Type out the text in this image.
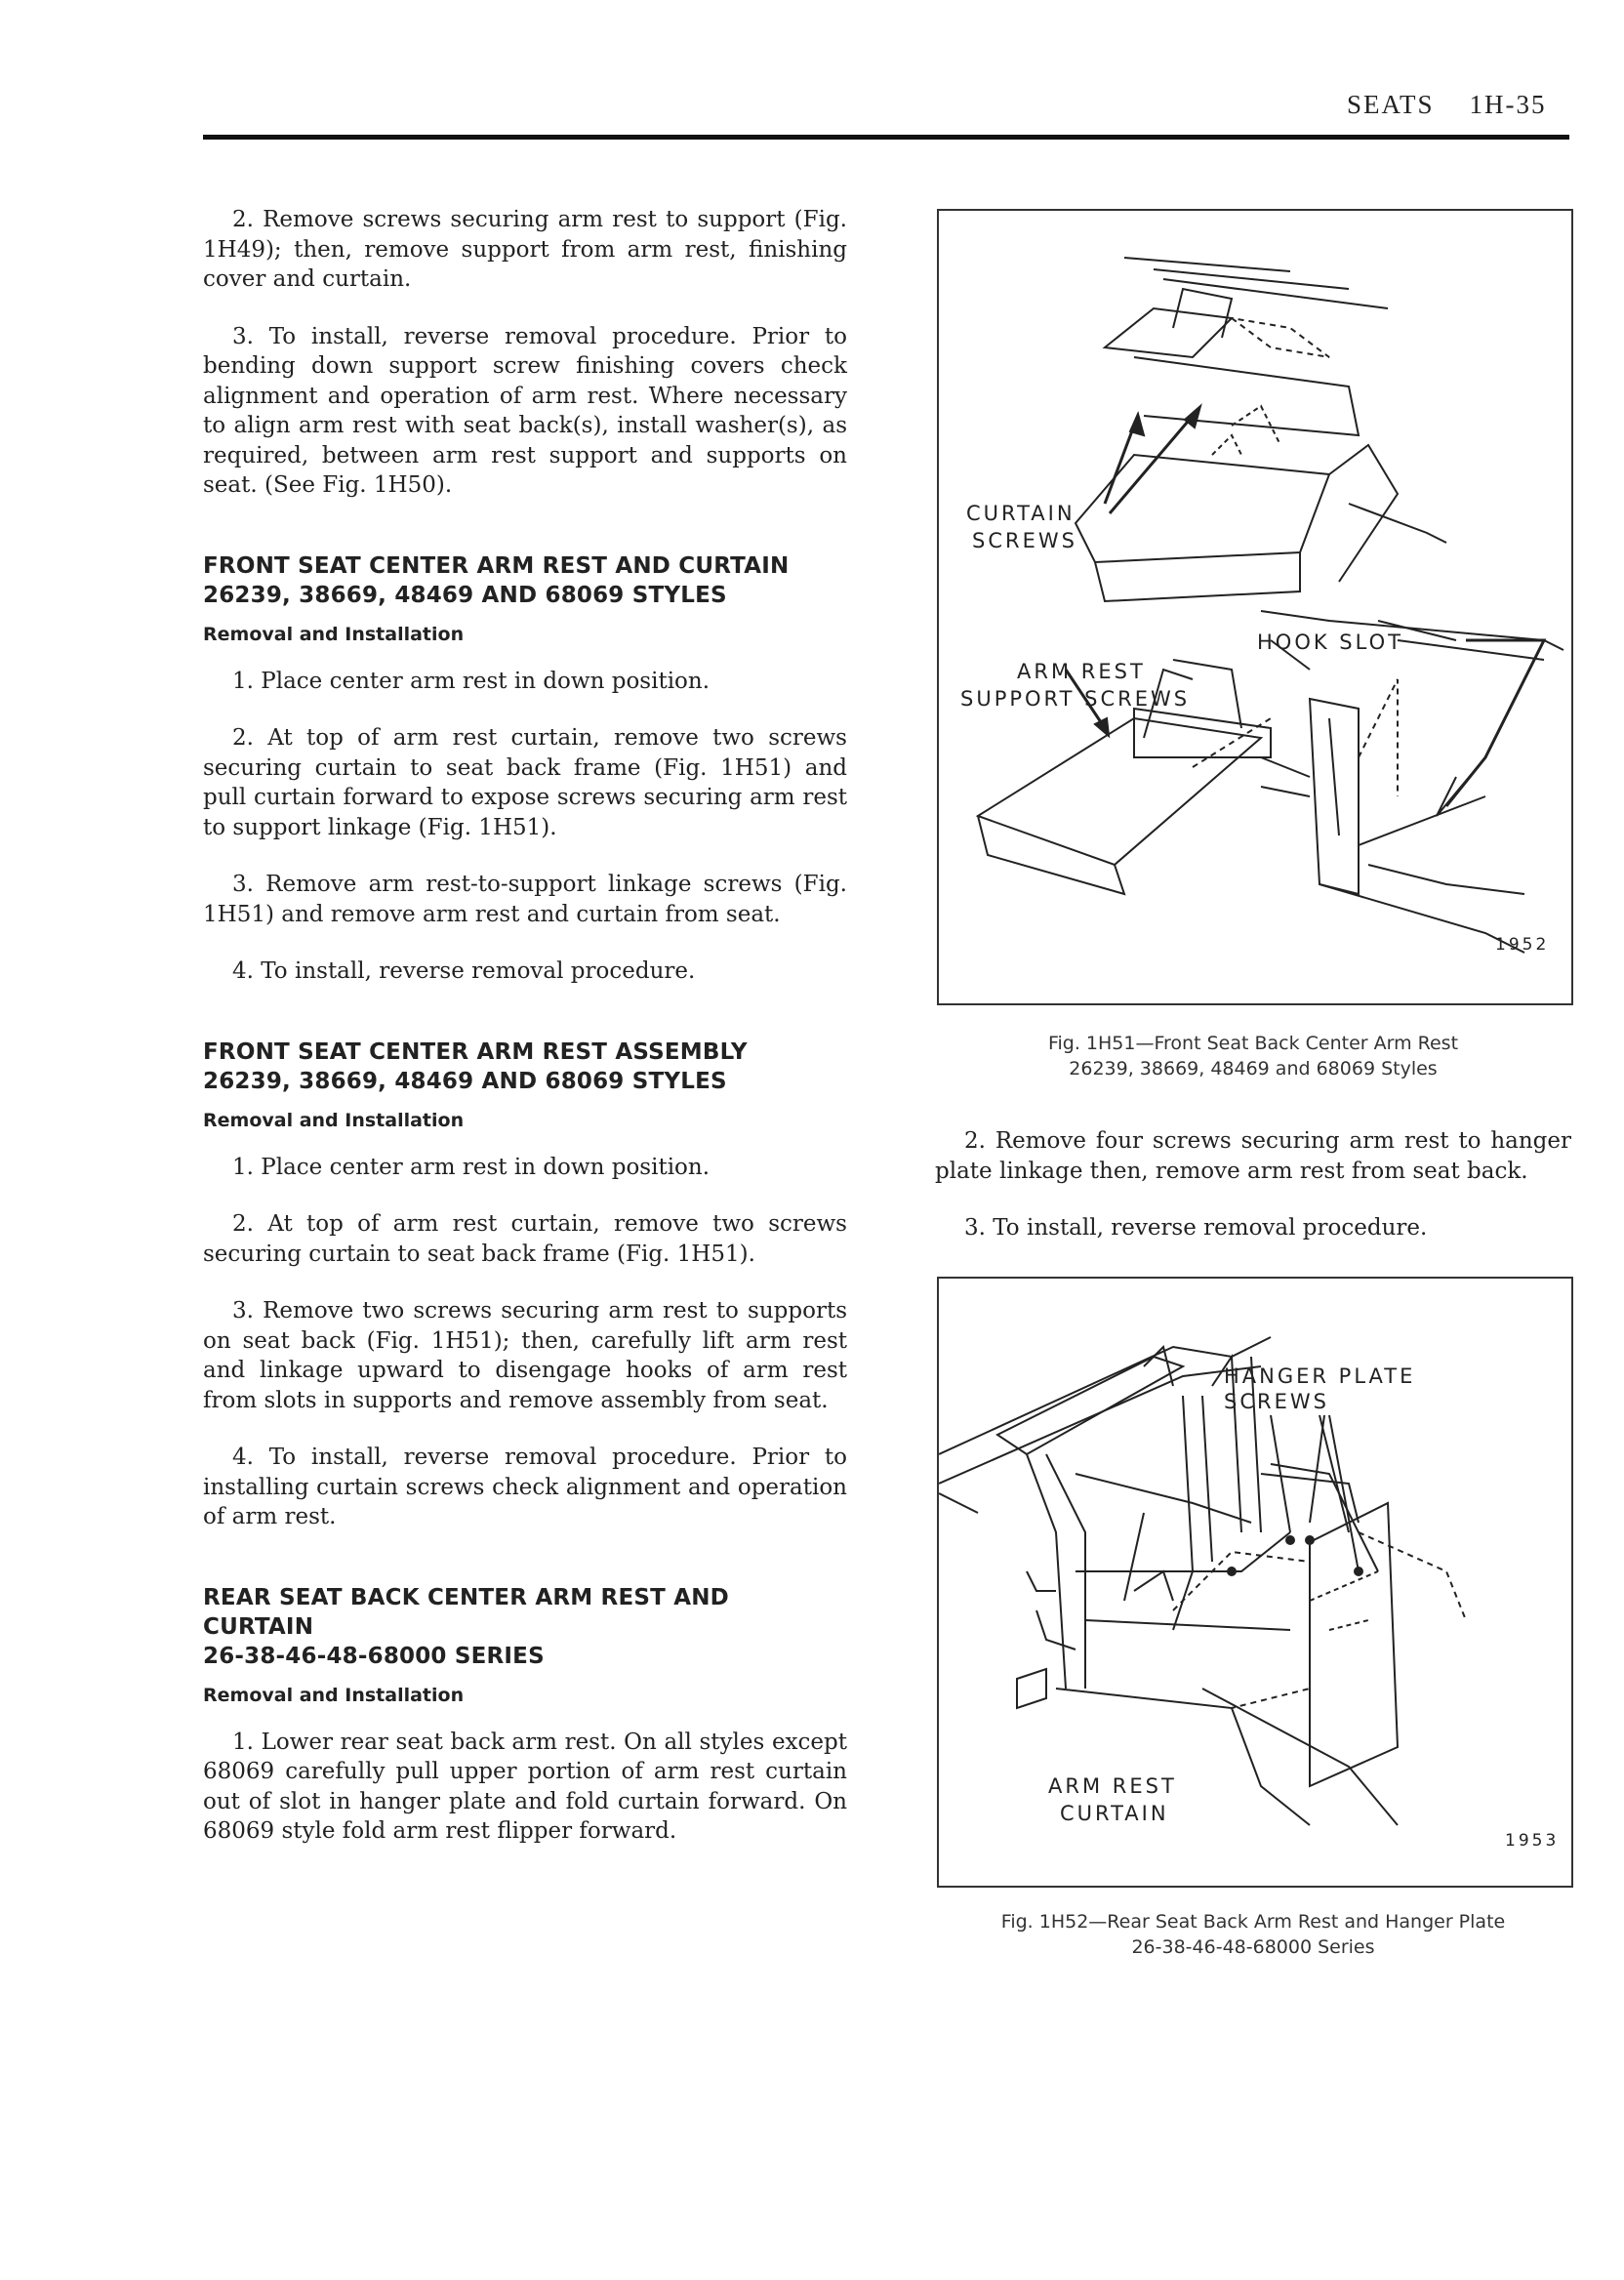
SEATS 1H-35

2. Remove screws securing arm rest to support (Fig. 1H49); then, remove support from arm rest, finishing cover and curtain.

3. To install, reverse removal procedure. Prior to bending down support screw finishing covers check alignment and operation of arm rest. Where necessary to align arm rest with seat back(s), install washer(s), as required, between arm rest support and supports on seat. (See Fig. 1H50).

FRONT SEAT CENTER ARM REST AND CURTAIN
26239, 38669, 48469 AND 68069 STYLES
Removal and Installation

1. Place center arm rest in down position.

2. At top of arm rest curtain, remove two screws securing curtain to seat back frame (Fig. 1H51) and pull curtain forward to expose screws securing arm rest to support linkage (Fig. 1H51).

3. Remove arm rest-to-support linkage screws (Fig. 1H51) and remove arm rest and curtain from seat.

4. To install, reverse removal procedure.

FRONT SEAT CENTER ARM REST ASSEMBLY
26239, 38669, 48469 AND 68069 STYLES
Removal and Installation

1. Place center arm rest in down position.

2. At top of arm rest curtain, remove two screws securing curtain to seat back frame (Fig. 1H51).

3. Remove two screws securing arm rest to supports on seat back (Fig. 1H51); then, carefully lift arm rest and linkage upward to disengage hooks of arm rest from slots in supports and remove assembly from seat.

4. To install, reverse removal procedure. Prior to installing curtain screws check alignment and operation of arm rest.

REAR SEAT BACK CENTER ARM REST AND CURTAIN
26-38-46-48-68000 SERIES
Removal and Installation

1. Lower rear seat back arm rest. On all styles except 68069 carefully pull upper portion of arm rest curtain out of slot in hanger plate and fold curtain forward. On 68069 style fold arm rest flipper forward.

CURTAIN
SCREWS
HOOK SLOT
ARM REST
SUPPORT SCREWS
1952
Fig. 1H51—Front Seat Back Center Arm Rest
26239, 38669, 48469 and 68069 Styles

2. Remove four screws securing arm rest to hanger plate linkage then, remove arm rest from seat back.

3. To install, reverse removal procedure.

HANGER PLATE
SCREWS
ARM REST
CURTAIN
1953
Fig. 1H52—Rear Seat Back Arm Rest and Hanger Plate
26-38-46-48-68000 Series
